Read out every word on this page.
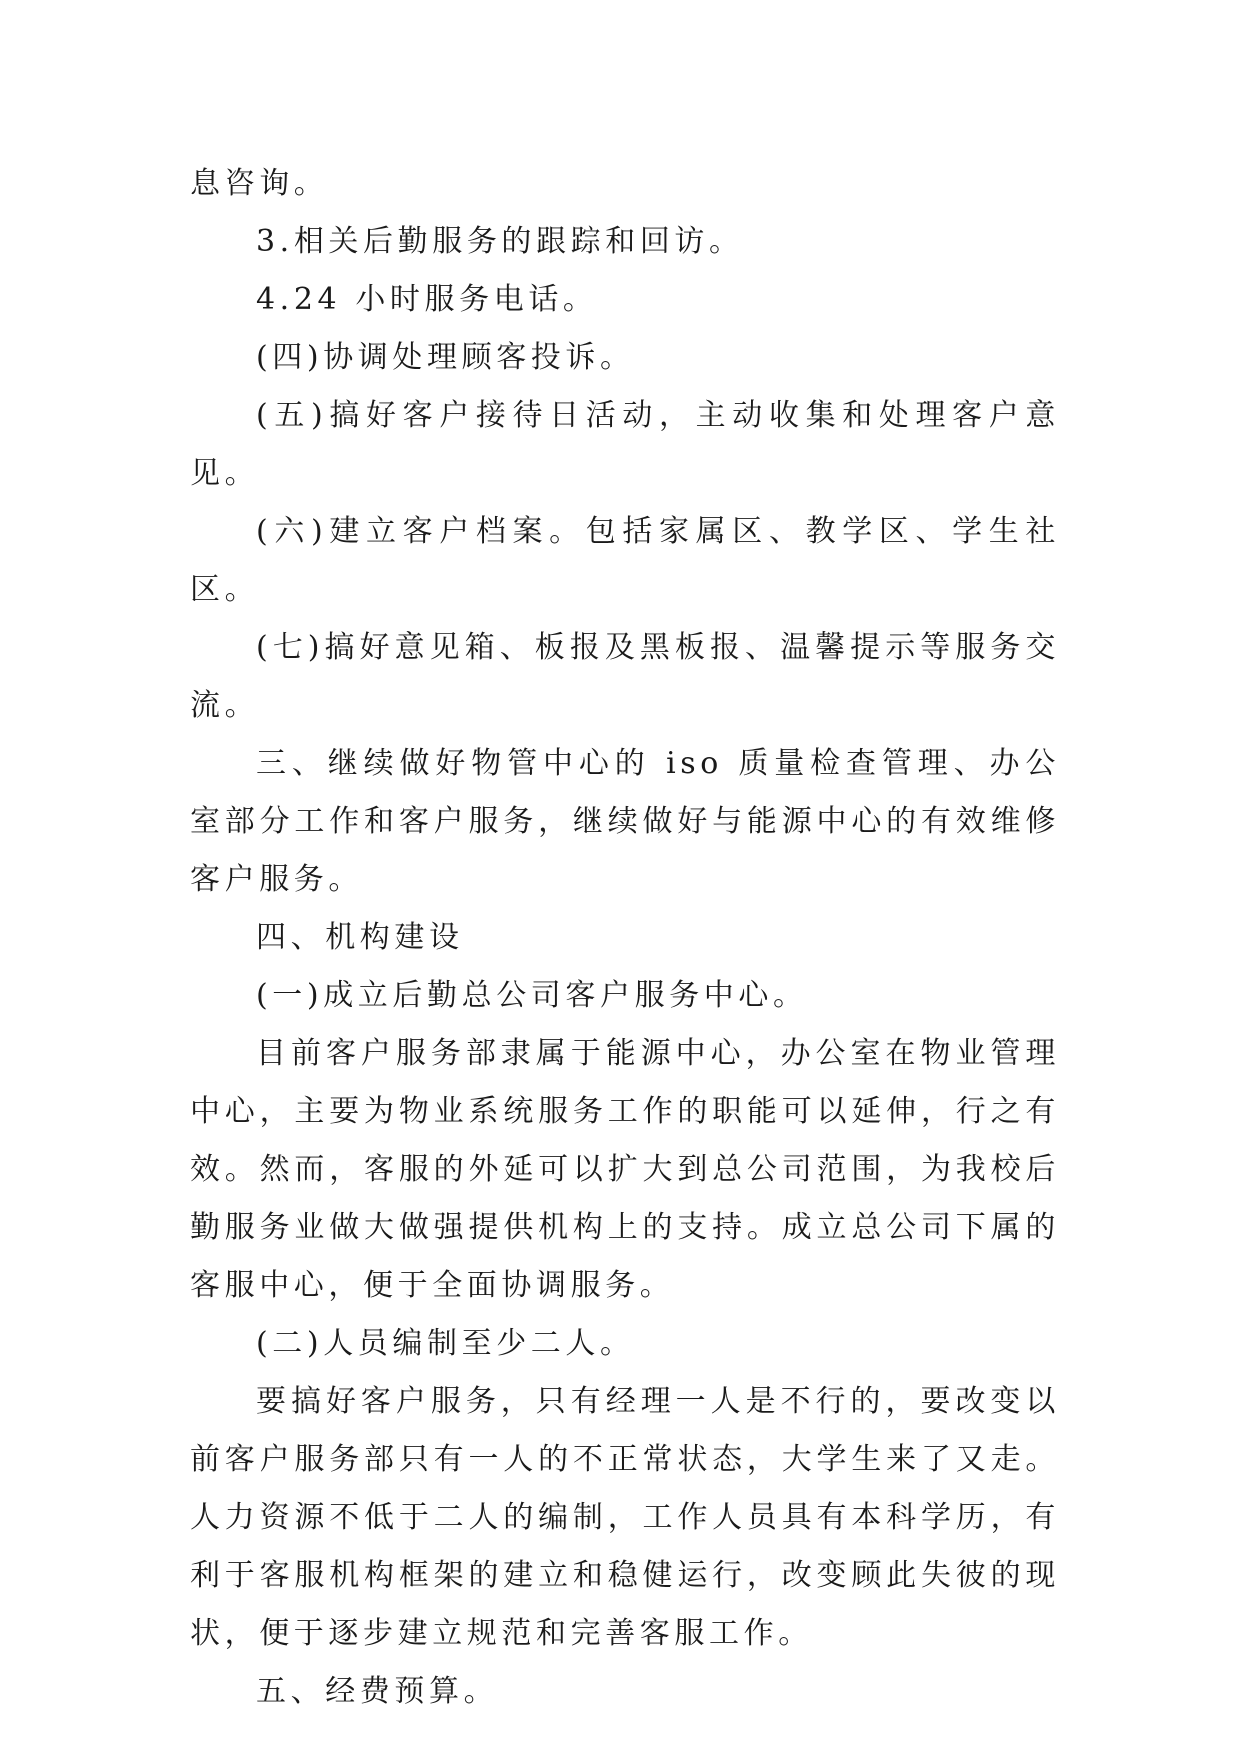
息咨询。

3.相关后勤服务的跟踪和回访。

4.24 小时服务电话。

(四)协调处理顾客投诉。

(五)搞好客户接待日活动，主动收集和处理客户意见。

(六)建立客户档案。包括家属区、教学区、学生社区。

(七)搞好意见箱、板报及黑板报、温馨提示等服务交流。

三、继续做好物管中心的 iso 质量检查管理、办公室部分工作和客户服务，继续做好与能源中心的有效维修客户服务。

四、机构建设

(一)成立后勤总公司客户服务中心。

目前客户服务部隶属于能源中心，办公室在物业管理中心，主要为物业系统服务工作的职能可以延伸，行之有效。然而，客服的外延可以扩大到总公司范围，为我校后勤服务业做大做强提供机构上的支持。成立总公司下属的客服中心，便于全面协调服务。

(二)人员编制至少二人。

要搞好客户服务，只有经理一人是不行的，要改变以前客户服务部只有一人的不正常状态，大学生来了又走。人力资源不低于二人的编制，工作人员具有本科学历，有利于客服机构框架的建立和稳健运行，改变顾此失彼的现状，便于逐步建立规范和完善客服工作。

五、经费预算。
